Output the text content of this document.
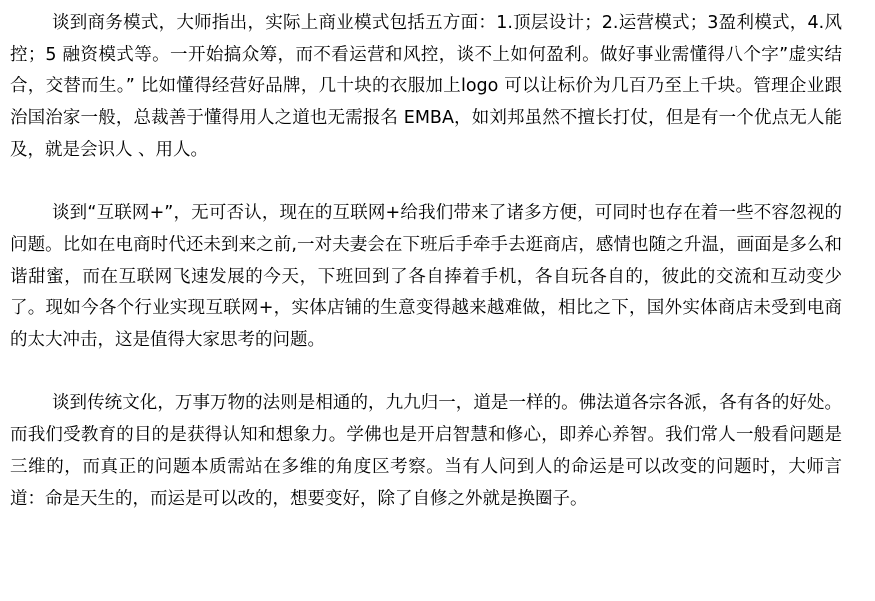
谈到商务模式，大师指出，实际上商业模式包括五方面：1.顶层设计；2.运营模式；3盈利模式，4.风控；5 融资模式等。一开始搞众筹，而不看运营和风控，谈不上如何盈利。做好事业需懂得八个字”虚实结合，交替而生。” 比如懂得经营好品牌，几十块的衣服加上logo 可以让标价为几百乃至上千块。管理企业跟治国治家一般，总裁善于懂得用人之道也无需报名 EMBA，如刘邦虽然不擅长打仗，但是有一个优点无人能及，就是会识人 、用人。

谈到“互联网+”，无可否认，现在的互联网+给我们带来了诸多方便，可同时也存在着一些不容忽视的问题。比如在电商时代还未到来之前,一对夫妻会在下班后手牵手去逛商店，感情也随之升温，画面是多么和谐甜蜜，而在互联网飞速发展的今天，下班回到了各自捧着手机，各自玩各自的，彼此的交流和互动变少了。现如今各个行业实现互联网+，实体店铺的生意变得越来越难做，相比之下，国外实体商店未受到电商的太大冲击，这是值得大家思考的问题。

谈到传统文化，万事万物的法则是相通的，九九归一，道是一样的。佛法道各宗各派，各有各的好处。而我们受教育的目的是获得认知和想象力。学佛也是开启智慧和修心，即养心养智。我们常人一般看问题是三维的，而真正的问题本质需站在多维的角度区考察。当有人问到人的命运是可以改变的问题时，大师言道：命是天生的，而运是可以改的，想要变好，除了自修之外就是换圈子。
